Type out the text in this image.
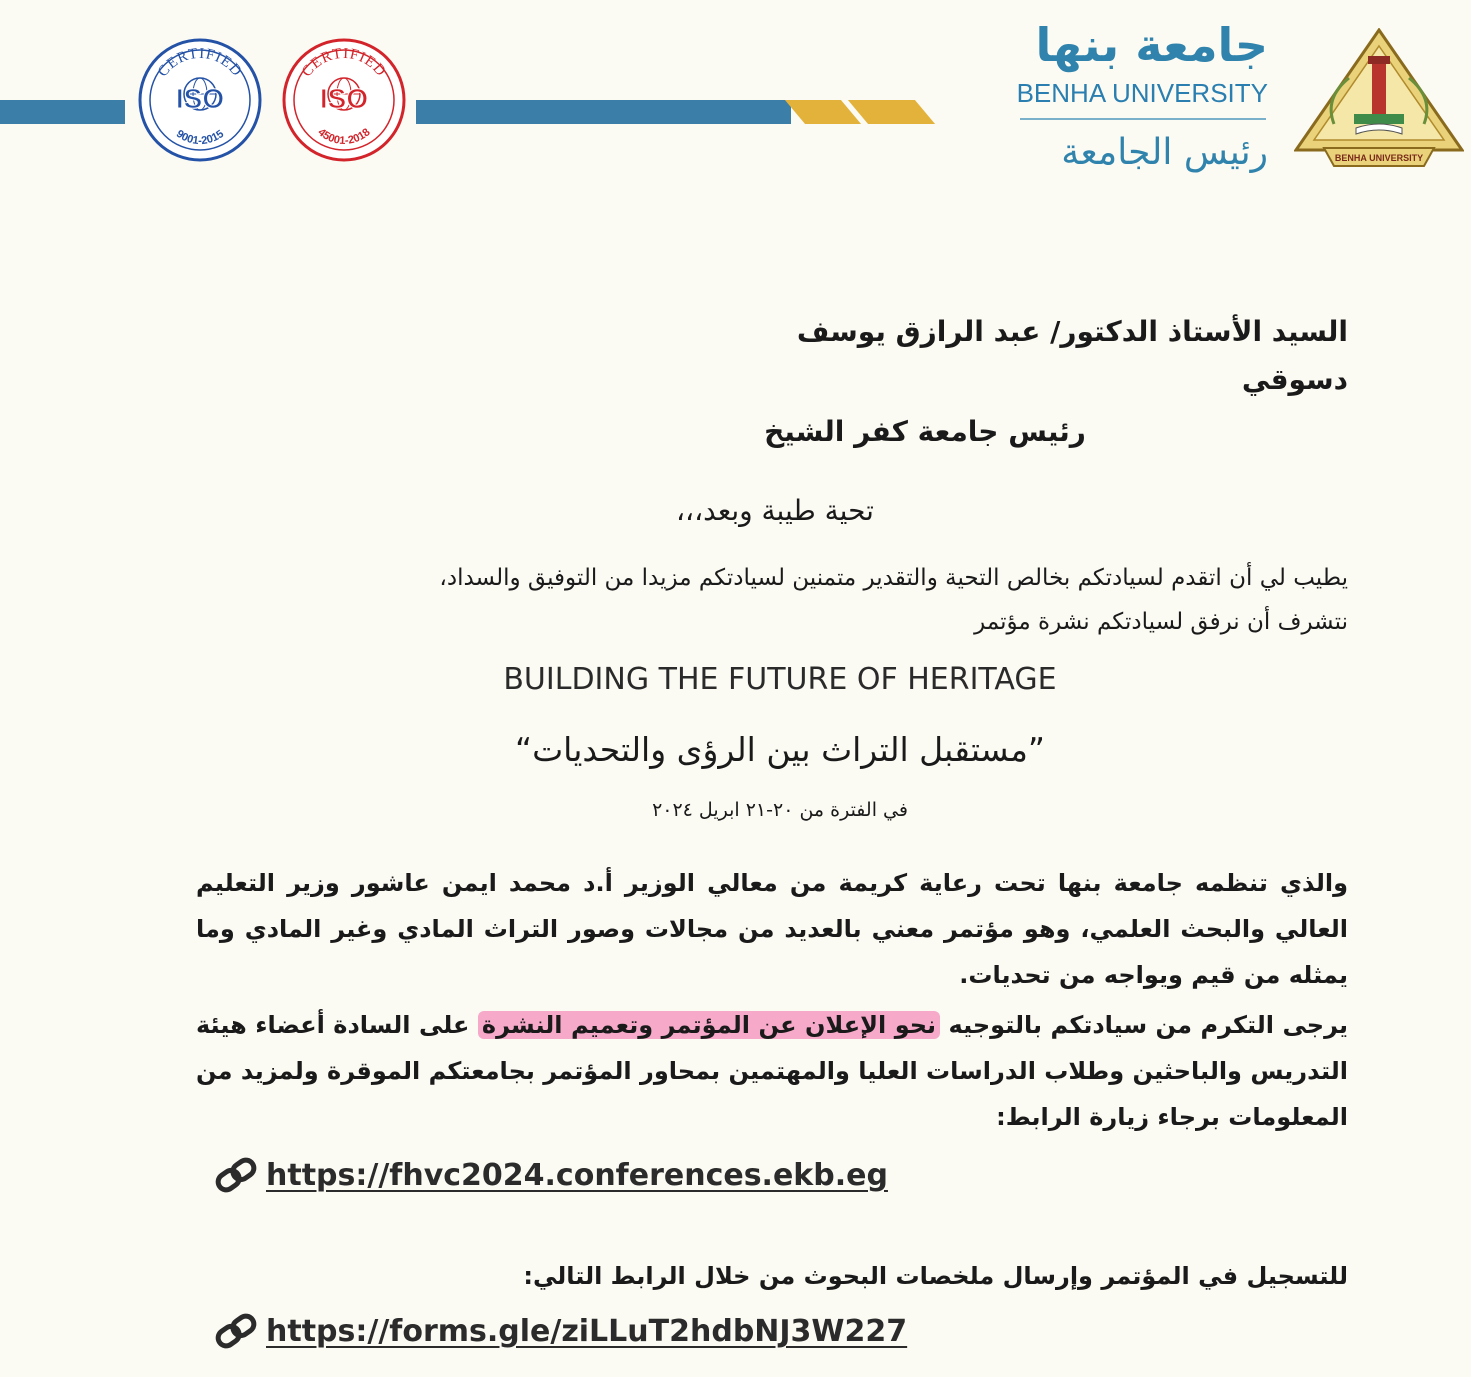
CERTIFIED
ISO
9001-2015
CERTIFIED
ISO
45001-2018
جامعة بنها
BENHA UNIVERSITY
رئيس الجامعة	BENHA UNIVERSITY
السيد الأستاذ الدكتور/ عبد الرازق يوسف دسوقي
رئيس جامعة كفر الشيخ
تحية طيبة وبعد،،،
يطيب لي أن اتقدم لسيادتكم بخالص التحية والتقدير متمنين لسيادتكم مزيدا من التوفيق والسداد،
نتشرف أن نرفق لسيادتكم نشرة مؤتمر
BUILDING THE FUTURE OF HERITAGE
”مستقبل التراث بين الرؤى والتحديات“
في الفترة من ٢٠-٢١ ابريل ٢٠٢٤
والذي تنظمه جامعة بنها تحت رعاية كريمة من معالي الوزير أ.د محمد ايمن عاشور وزير التعليم العالي والبحث العلمي، وهو مؤتمر معني بالعديد من مجالات وصور التراث المادي وغير المادي وما يمثله من قيم ويواجه من تحديات.
يرجى التكرم من سيادتكم بالتوجيه نحو الإعلان عن المؤتمر وتعميم النشرة على السادة أعضاء هيئة التدريس والباحثين وطلاب الدراسات العليا والمهتمين بمحاور المؤتمر بجامعتكم الموقرة ولمزيد من المعلومات برجاء زيارة الرابط:
https://fhvc2024.conferences.ekb.eg
للتسجيل في المؤتمر وإرسال ملخصات البحوث من خلال الرابط التالي:
https://forms.gle/ziLLuT2hdbNJ3W227
